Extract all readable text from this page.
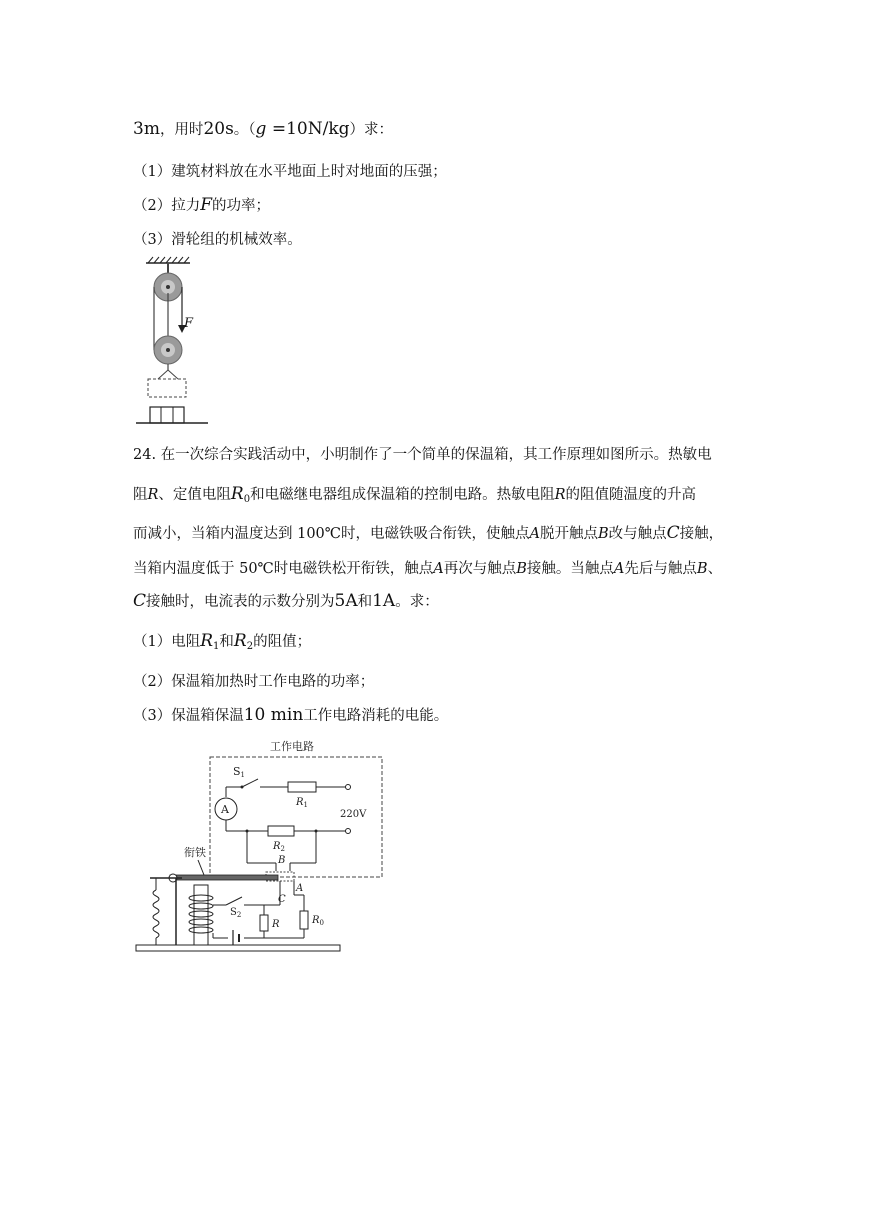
3m，用时20s。（g =10N/kg）求：
（1）建筑材料放在水平地面上时对地面的压强；
（2）拉力F的功率；
（3）滑轮组的机械效率。
F
24. 在一次综合实践活动中，小明制作了一个简单的保温箱，其工作原理如图所示。热敏电
阻R、定值电阻$R_0$和电磁继电器组成保温箱的控制电路。热敏电阻R的阻值随温度的升高
而减小，当箱内温度达到 100℃时，电磁铁吸合衔铁，使触点A脱开触点B改与触点C接触，
当箱内温度低于 50℃时电磁铁松开衔铁，触点A再次与触点B接触。当触点A先后与触点B、
C接触时，电流表的示数分别为5A和1A。求：
（1）电阻$R_1$和$R_2$的阻值；
（2）保温箱加热时工作电路的功率；
（3）保温箱保温10 min工作电路消耗的电能。
工作电路
S1
$R_1$
A	220V
$R_2$
B
A
C
衔铁
$S_2$
R	$R_0$
